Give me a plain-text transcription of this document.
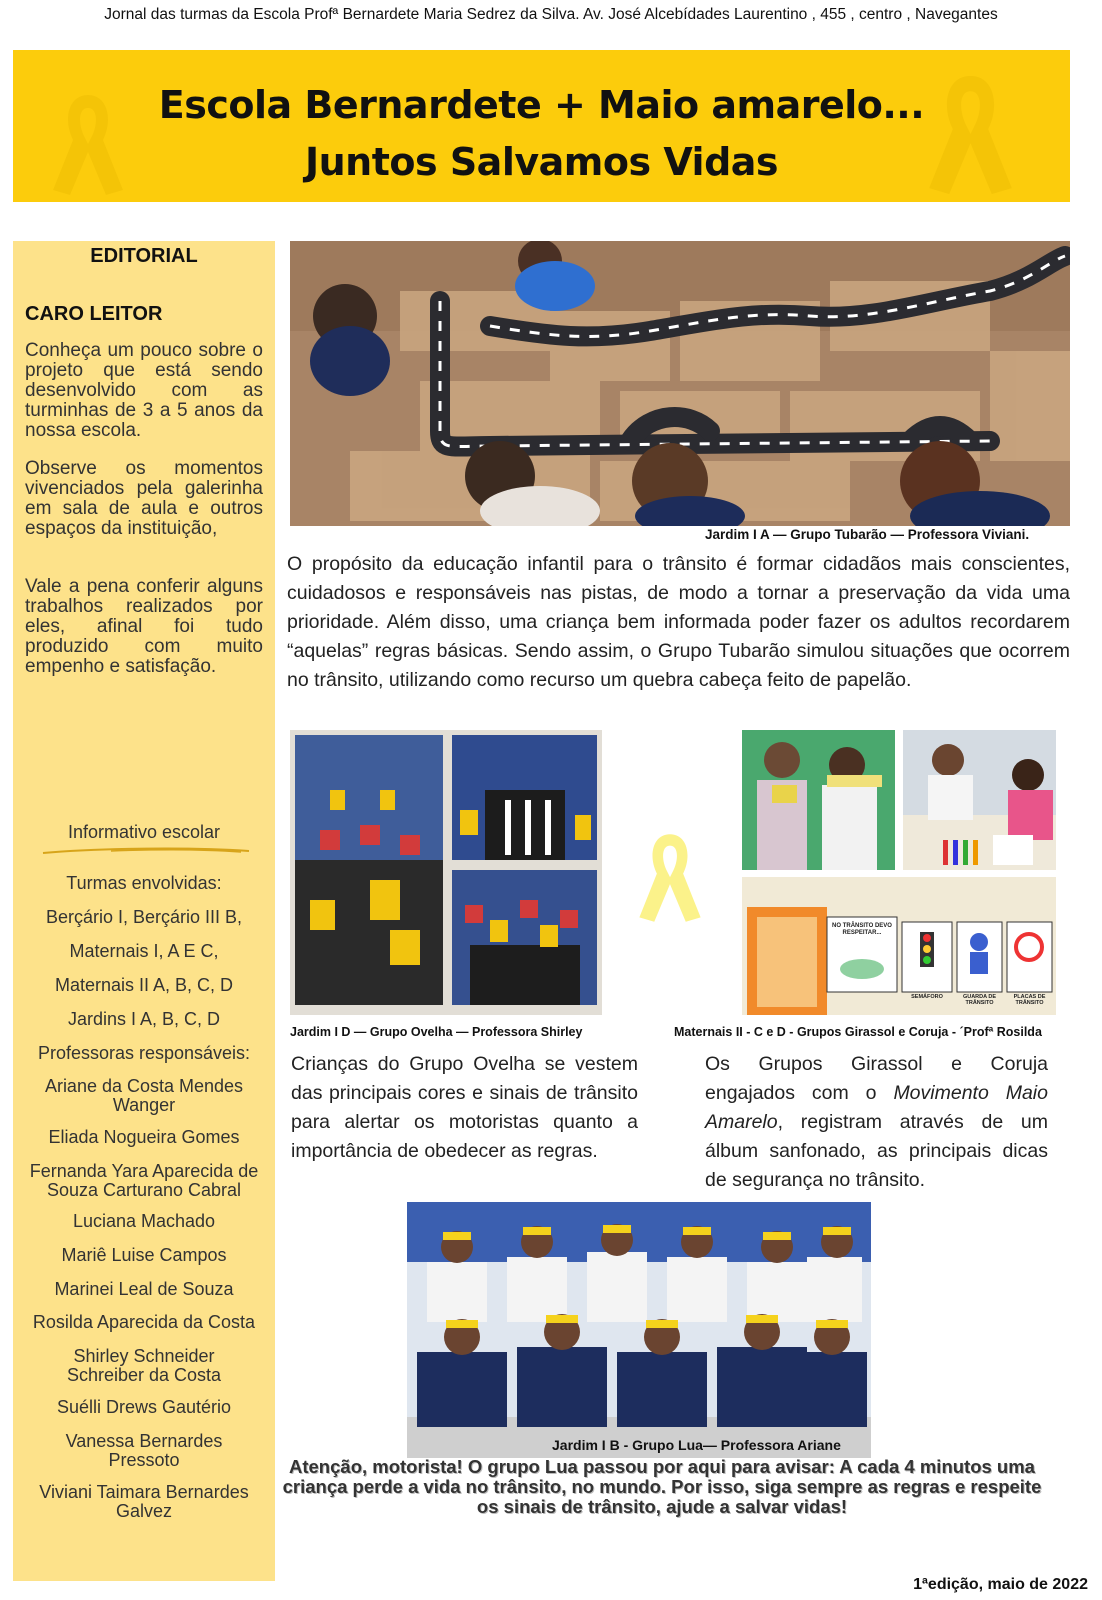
Jornal das turmas da Escola Profª Bernardete Maria Sedrez da Silva. Av. José Alcebídades Laurentino , 455 , centro , Navegantes
Escola Bernardete + Maio amarelo...
Juntos Salvamos Vidas
EDITORIAL
CARO LEITOR
Conheça um pouco sobre o projeto que está sendo desenvolvido com as turminhas de 3 a 5 anos da nossa escola.
Observe os momentos vivenciados pela galerinha em sala de aula e outros espaços da instituição,
Vale a pena conferir alguns trabalhos realizados por eles, afinal foi tudo produzido com muito empenho e satisfação.
Informativo escolar
Turmas envolvidas:
Berçário I, Berçário III B,
Maternais I, A E C,
Maternais II A, B, C, D
Jardins I A, B, C, D
Professoras responsáveis:
Ariane da Costa Mendes Wanger
Eliada Nogueira Gomes
Fernanda Yara Aparecida de Souza Carturano Cabral
Luciana Machado
Mariê Luise Campos
Marinei Leal de Souza
Rosilda Aparecida da Costa
Shirley Schneider Schreiber da Costa
Suélli Drews Gautério
Vanessa Bernardes Pressoto
Viviani Taimara Bernardes Galvez
Jardim I A — Grupo Tubarão — Professora Viviani.
O propósito da educação infantil para o trânsito é formar cidadãos mais conscientes, cuidadosos e responsáveis nas pistas, de modo a tornar a preservação da vida uma prioridade. Além disso, uma criança bem informada poder fazer os adultos recordarem “aquelas” regras básicas. Sendo assim, o Grupo Tubarão simulou situações que ocorrem no trânsito, utilizando como recurso um quebra cabeça feito de papelão.
NO TRÂNSITO DEVO RESPEITAR...
SEMÁFORO	GUARDA DE TRÂNSITO
PLACAS DE TRÂNSITO
Jardim I D — Grupo Ovelha — Professora Shirley	Maternais II - C e D - Grupos Girassol e Coruja - ´Profª Rosilda
Crianças do Grupo Ovelha se vestem das principais cores e sinais de trânsito para alertar os motoristas quanto a importância de obedecer as regras.
Os Grupos Girassol e Coruja engajados com o Movimento Maio Amarelo, registram através de um álbum sanfonado, as principais dicas de segurança no trânsito.
Jardim I B - Grupo Lua— Professora Ariane
Atenção, motorista! O grupo Lua passou por aqui para avisar: A cada 4 minutos uma criança perde a vida no trânsito, no mundo. Por isso, siga sempre as regras e respeite os sinais de trânsito, ajude a salvar vidas!
1ªedição, maio de 2022
